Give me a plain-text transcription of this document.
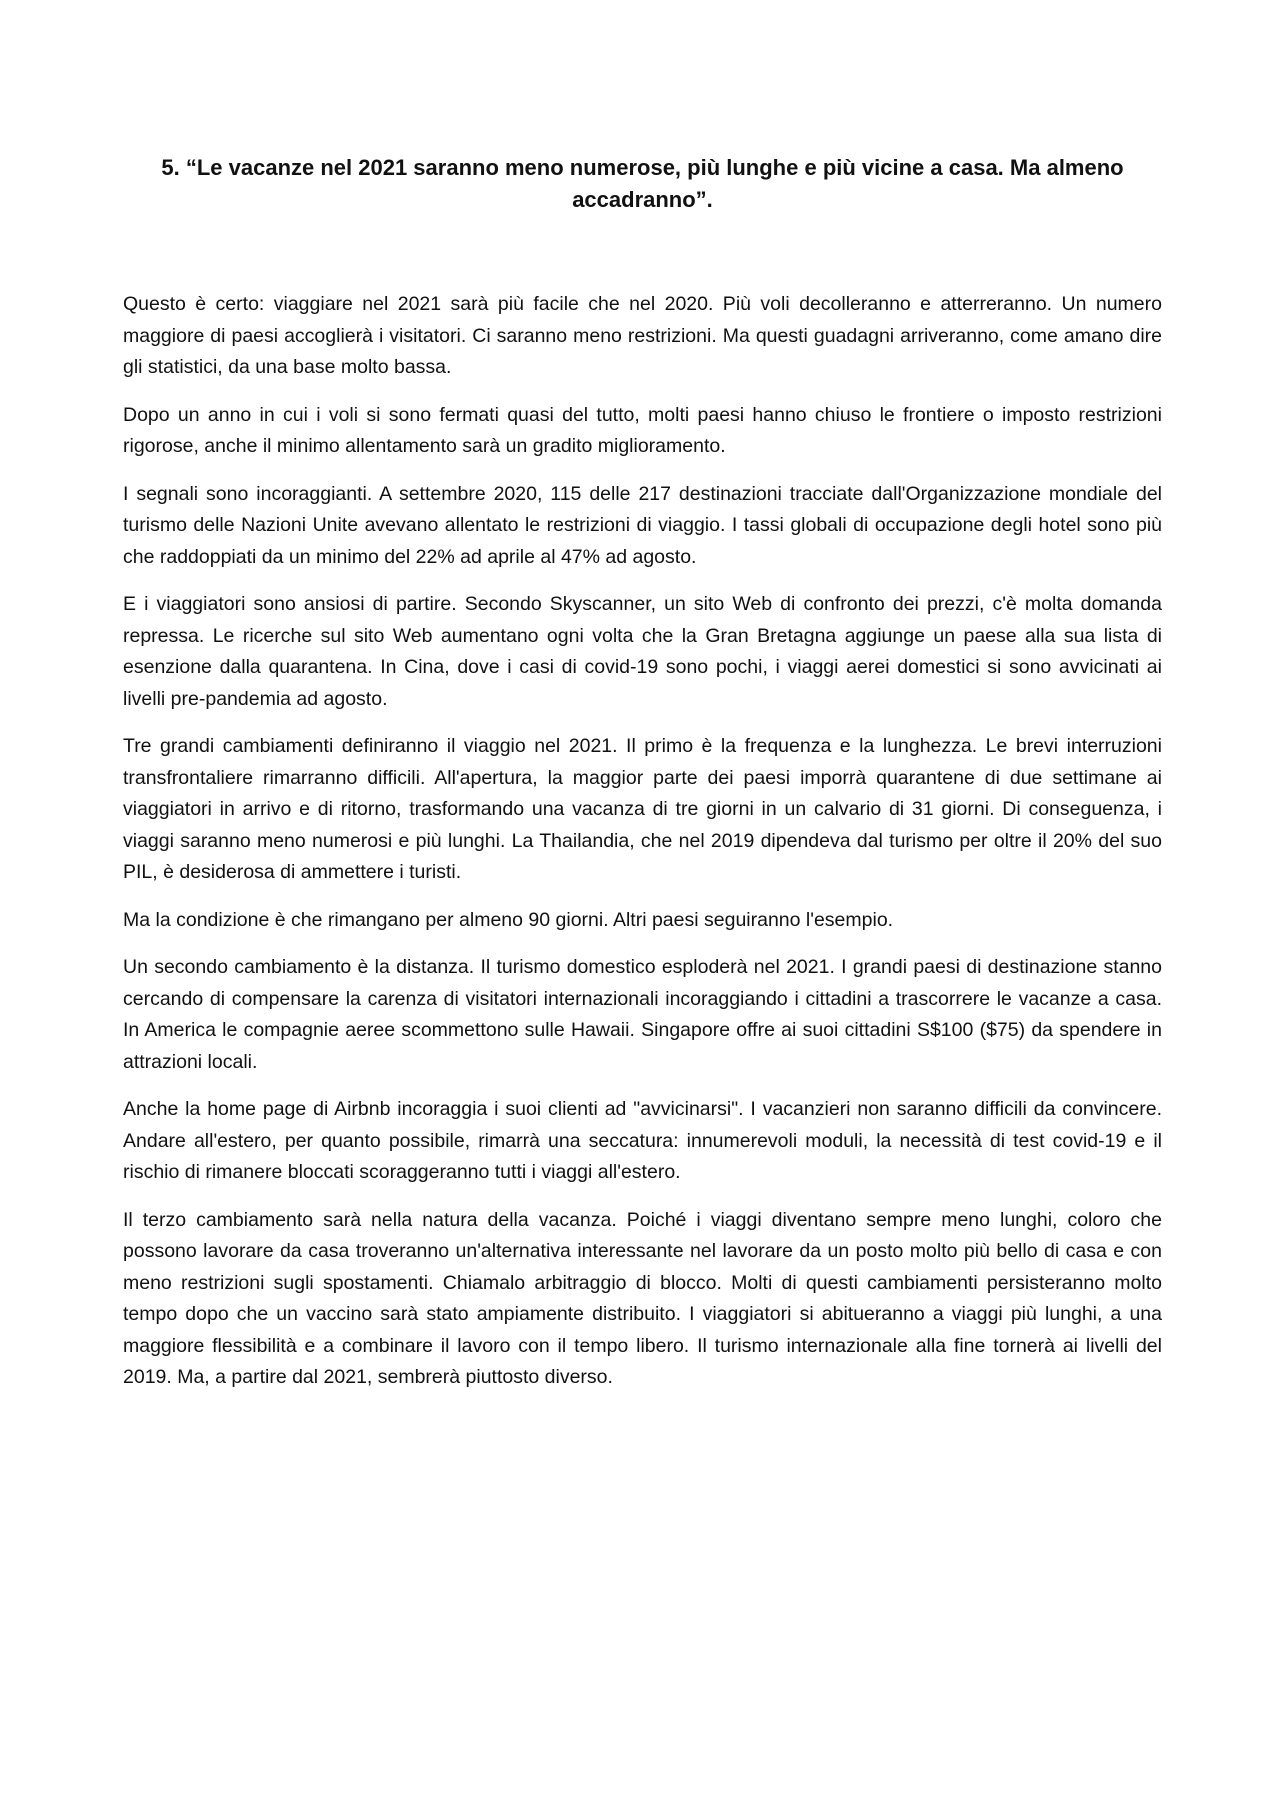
5. “Le vacanze nel 2021 saranno meno numerose, più lunghe e più vicine a casa. Ma almeno accadranno”.

Questo è certo: viaggiare nel 2021 sarà più facile che nel 2020. Più voli decolleranno e atterreranno. Un numero maggiore di paesi accoglierà i visitatori. Ci saranno meno restrizioni. Ma questi guadagni arriveranno, come amano dire gli statistici, da una base molto bassa.

Dopo un anno in cui i voli si sono fermati quasi del tutto, molti paesi hanno chiuso le frontiere o imposto restrizioni rigorose, anche il minimo allentamento sarà un gradito miglioramento.

I segnali sono incoraggianti. A settembre 2020, 115 delle 217 destinazioni tracciate dall'Organizzazione mondiale del turismo delle Nazioni Unite avevano allentato le restrizioni di viaggio. I tassi globali di occupazione degli hotel sono più che raddoppiati da un minimo del 22% ad aprile al 47% ad agosto.

E i viaggiatori sono ansiosi di partire. Secondo Skyscanner, un sito Web di confronto dei prezzi, c'è molta domanda repressa. Le ricerche sul sito Web aumentano ogni volta che la Gran Bretagna aggiunge un paese alla sua lista di esenzione dalla quarantena. In Cina, dove i casi di covid-19 sono pochi, i viaggi aerei domestici si sono avvicinati ai livelli pre-pandemia ad agosto.

Tre grandi cambiamenti definiranno il viaggio nel 2021. Il primo è la frequenza e la lunghezza. Le brevi interruzioni transfrontaliere rimarranno difficili. All'apertura, la maggior parte dei paesi imporrà quarantene di due settimane ai viaggiatori in arrivo e di ritorno, trasformando una vacanza di tre giorni in un calvario di 31 giorni. Di conseguenza, i viaggi saranno meno numerosi e più lunghi. La Thailandia, che nel 2019 dipendeva dal turismo per oltre il 20% del suo PIL, è desiderosa di ammettere i turisti.

Ma la condizione è che rimangano per almeno 90 giorni. Altri paesi seguiranno l'esempio.

Un secondo cambiamento è la distanza. Il turismo domestico esploderà nel 2021. I grandi paesi di destinazione stanno cercando di compensare la carenza di visitatori internazionali incoraggiando i cittadini a trascorrere le vacanze a casa. In America le compagnie aeree scommettono sulle Hawaii. Singapore offre ai suoi cittadini S$100 ($75) da spendere in attrazioni locali.

Anche la home page di Airbnb incoraggia i suoi clienti ad "avvicinarsi". I vacanzieri non saranno difficili da convincere. Andare all'estero, per quanto possibile, rimarrà una seccatura: innumerevoli moduli, la necessità di test covid-19 e il rischio di rimanere bloccati scoraggeranno tutti i viaggi all'estero.

Il terzo cambiamento sarà nella natura della vacanza. Poiché i viaggi diventano sempre meno lunghi, coloro che possono lavorare da casa troveranno un'alternativa interessante nel lavorare da un posto molto più bello di casa e con meno restrizioni sugli spostamenti. Chiamalo arbitraggio di blocco. Molti di questi cambiamenti persisteranno molto tempo dopo che un vaccino sarà stato ampiamente distribuito. I viaggiatori si abitueranno a viaggi più lunghi, a una maggiore flessibilità e a combinare il lavoro con il tempo libero. Il turismo internazionale alla fine tornerà ai livelli del 2019. Ma, a partire dal 2021, sembrerà piuttosto diverso.
